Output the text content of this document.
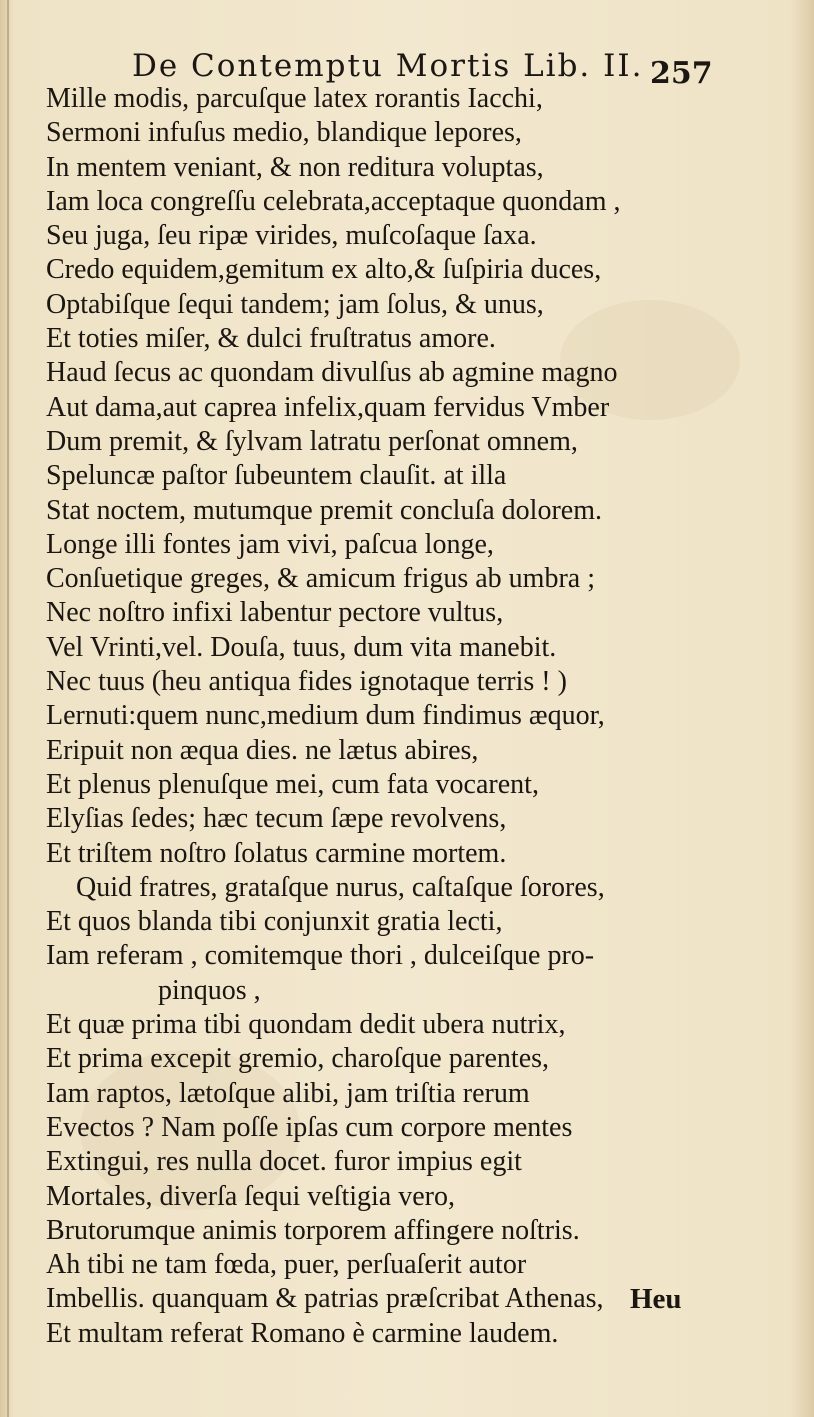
De Contemptu Mortis Lib. II. 257
Mille modis, parcuſque latex rorantis Iacchi,
Sermoni infuſus medio, blandique lepores,
In mentem veniant, & non reditura voluptas,
Iam loca congreſſu celebrata,acceptaque quondam ,
Seu juga, ſeu ripæ virides, muſcoſaque ſaxa.
Credo equidem,gemitum ex alto,& ſuſpiria duces,
Optabiſque ſequi tandem; jam ſolus, & unus,
Et toties miſer, & dulci fruſtratus amore.
Haud ſecus ac quondam divulſus ab agmine magno
Aut dama,aut caprea infelix,quam fervidus Vmber
Dum premit, & ſylvam latratu perſonat omnem,
Speluncæ paſtor ſubeuntem clauſit. at illa
Stat noctem, mutumque premit concluſa dolorem.
Longe illi fontes jam vivi, paſcua longe,
Conſuetique greges, & amicum frigus ab umbra ;
Nec noſtro infixi labentur pectore vultus,
Vel Vrinti,vel. Douſa, tuus, dum vita manebit.
Nec tuus (heu antiqua fides ignotaque terris ! )
Lernuti:quem nunc,medium dum findimus æquor,
Eripuit non æqua dies. ne lætus abires,
Et plenus plenuſque mei, cum fata vocarent,
Elyſias ſedes; hæc tecum ſæpe revolvens,
Et triſtem noſtro ſolatus carmine mortem.
Quid fratres, grataſque nurus, caſtaſque ſorores,
Et quos blanda tibi conjunxit gratia lecti,
Iam referam , comitemque thori , dulceiſque pro-
pinquos ,
Et quæ prima tibi quondam dedit ubera nutrix,
Et prima excepit gremio, charoſque parentes,
Iam raptos, lætoſque alibi, jam triſtia rerum
Evectos ? Nam poſſe ipſas cum corpore mentes
Extingui, res nulla docet. furor impius egit
Mortales, diverſa ſequi veſtigia vero,
Brutorumque animis torporem affingere noſtris.
Ah tibi ne tam fœda, puer, perſuaſerit autor
Imbellis. quanquam & patrias præſcribat Athenas,
Et multam referat Romano è carmine laudem.
Heu
